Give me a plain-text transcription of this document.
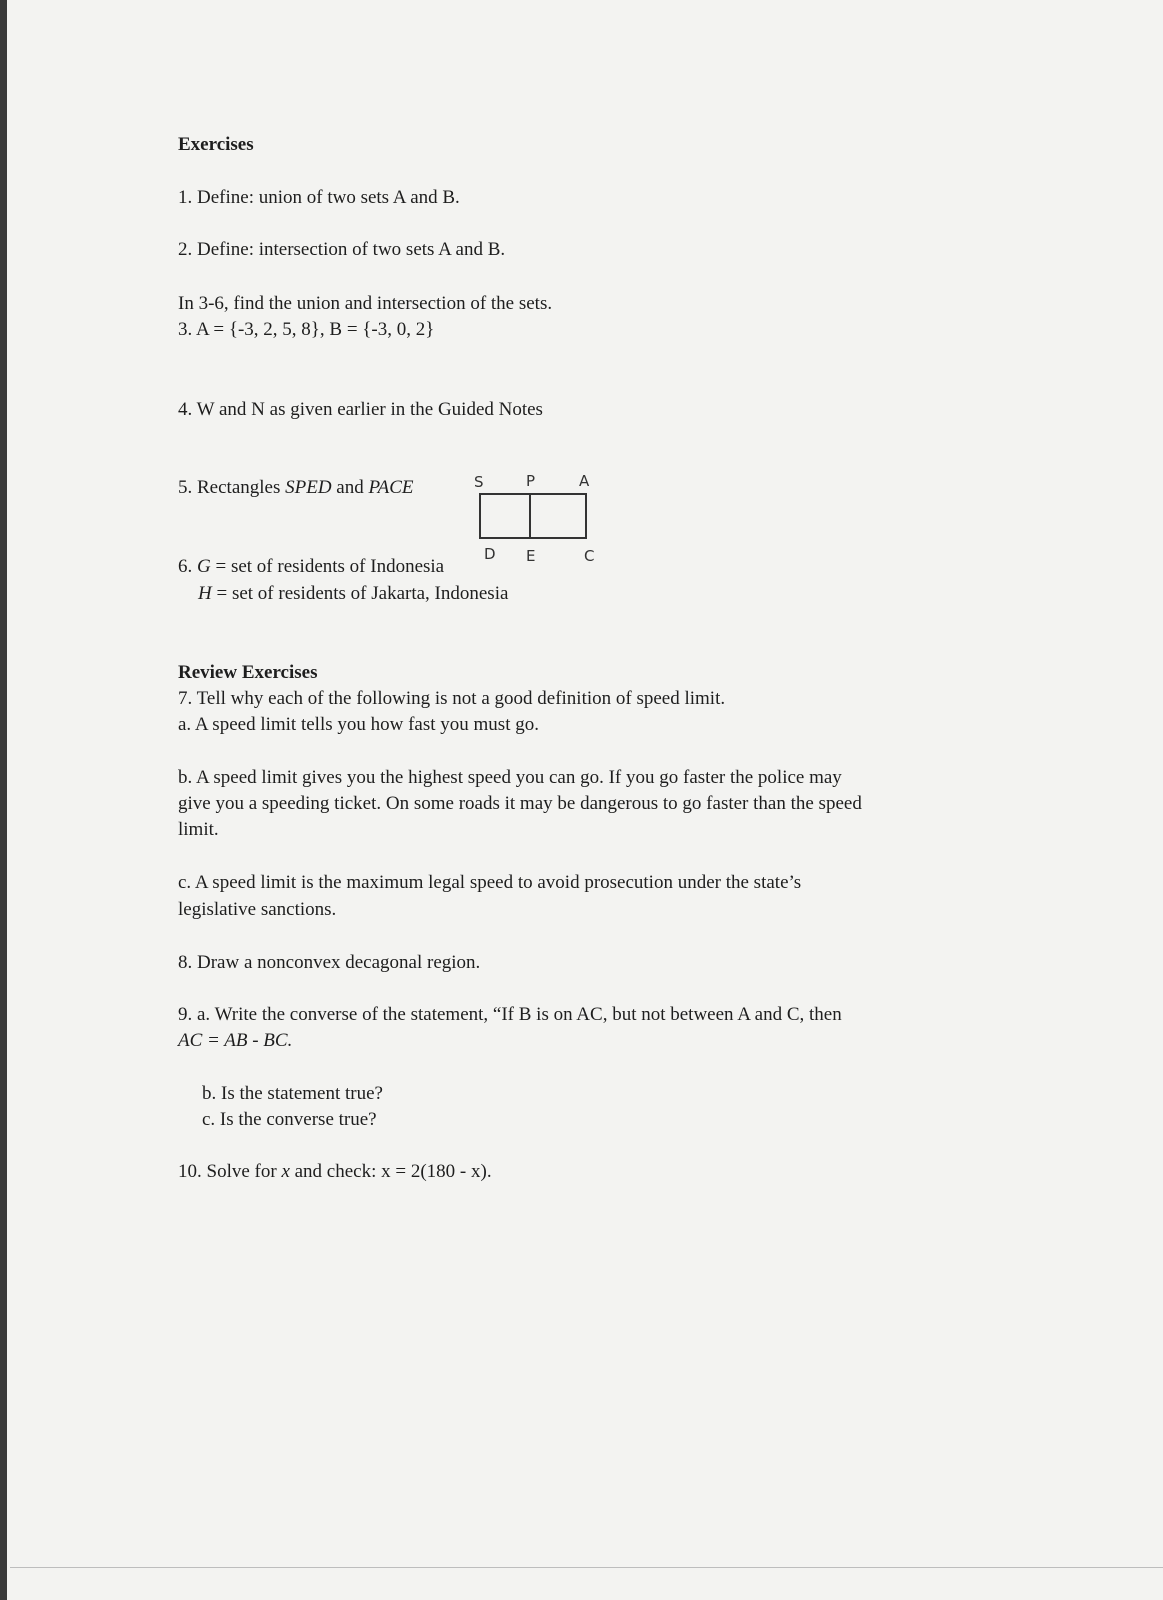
Exercises
1. Define: union of two sets A and B.
2. Define: intersection of two sets A and B.
In 3-6, find the union and intersection of the sets.
3. A = {-3, 2, 5, 8}, B = {-3, 0, 2}
4. W and N as given earlier in the Guided Notes
5. Rectangles SPED and PACE	S	P	A
D E	C
6. G = set of residents of Indonesia
H = set of residents of Jakarta, Indonesia
Review Exercises
7. Tell why each of the following is not a good definition of speed limit.
a. A speed limit tells you how fast you must go.
b. A speed limit gives you the highest speed you can go. If you go faster the police may
give you a speeding ticket. On some roads it may be dangerous to go faster than the speed
limit.
c. A speed limit is the maximum legal speed to avoid prosecution under the state’s
legislative sanctions.
8. Draw a nonconvex decagonal region.
9. a. Write the converse of the statement, “If B is on AC, but not between A and C, then
AC = AB - BC.
b. Is the statement true?
c. Is the converse true?
10. Solve for x and check: x = 2(180 - x).
